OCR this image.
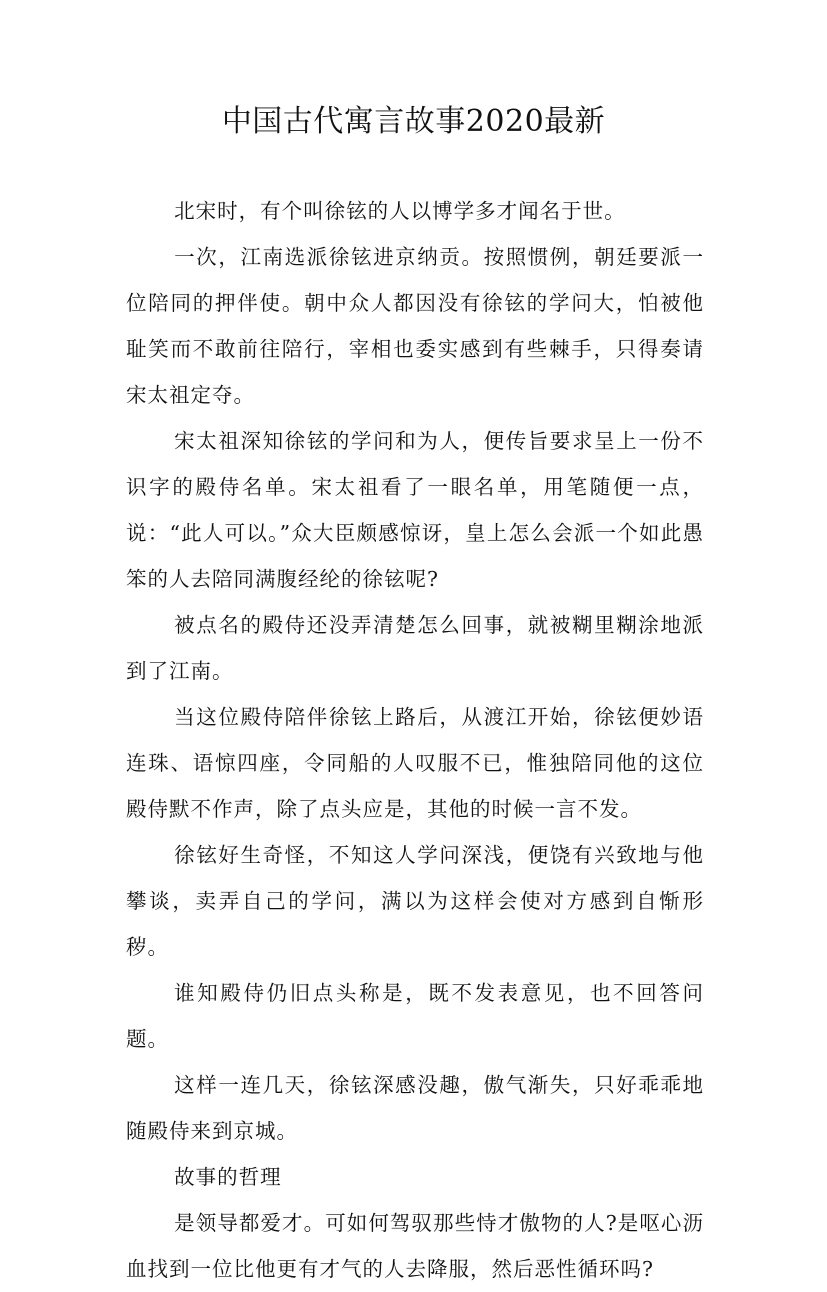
中国古代寓言故事2020最新

北宋时，有个叫徐铉的人以博学多才闻名于世。

一次，江南选派徐铉进京纳贡。按照惯例，朝廷要派一位陪同的押伴使。朝中众人都因没有徐铉的学问大，怕被他耻笑而不敢前往陪行，宰相也委实感到有些棘手，只得奏请宋太祖定夺。

宋太祖深知徐铉的学问和为人，便传旨要求呈上一份不识字的殿侍名单。宋太祖看了一眼名单，用笔随便一点，说：“此人可以。”众大臣颇感惊讶，皇上怎么会派一个如此愚笨的人去陪同满腹经纶的徐铉呢?

被点名的殿侍还没弄清楚怎么回事，就被糊里糊涂地派到了江南。

当这位殿侍陪伴徐铉上路后，从渡江开始，徐铉便妙语连珠、语惊四座，令同船的人叹服不已，惟独陪同他的这位殿侍默不作声，除了点头应是，其他的时候一言不发。

徐铉好生奇怪，不知这人学问深浅，便饶有兴致地与他攀谈，卖弄自己的学问，满以为这样会使对方感到自惭形秽。

谁知殿侍仍旧点头称是，既不发表意见，也不回答问题。

这样一连几天，徐铉深感没趣，傲气渐失，只好乖乖地随殿侍来到京城。

故事的哲理

是领导都爱才。可如何驾驭那些恃才傲物的人?是呕心沥血找到一位比他更有才气的人去降服，然后恶性循环吗?
